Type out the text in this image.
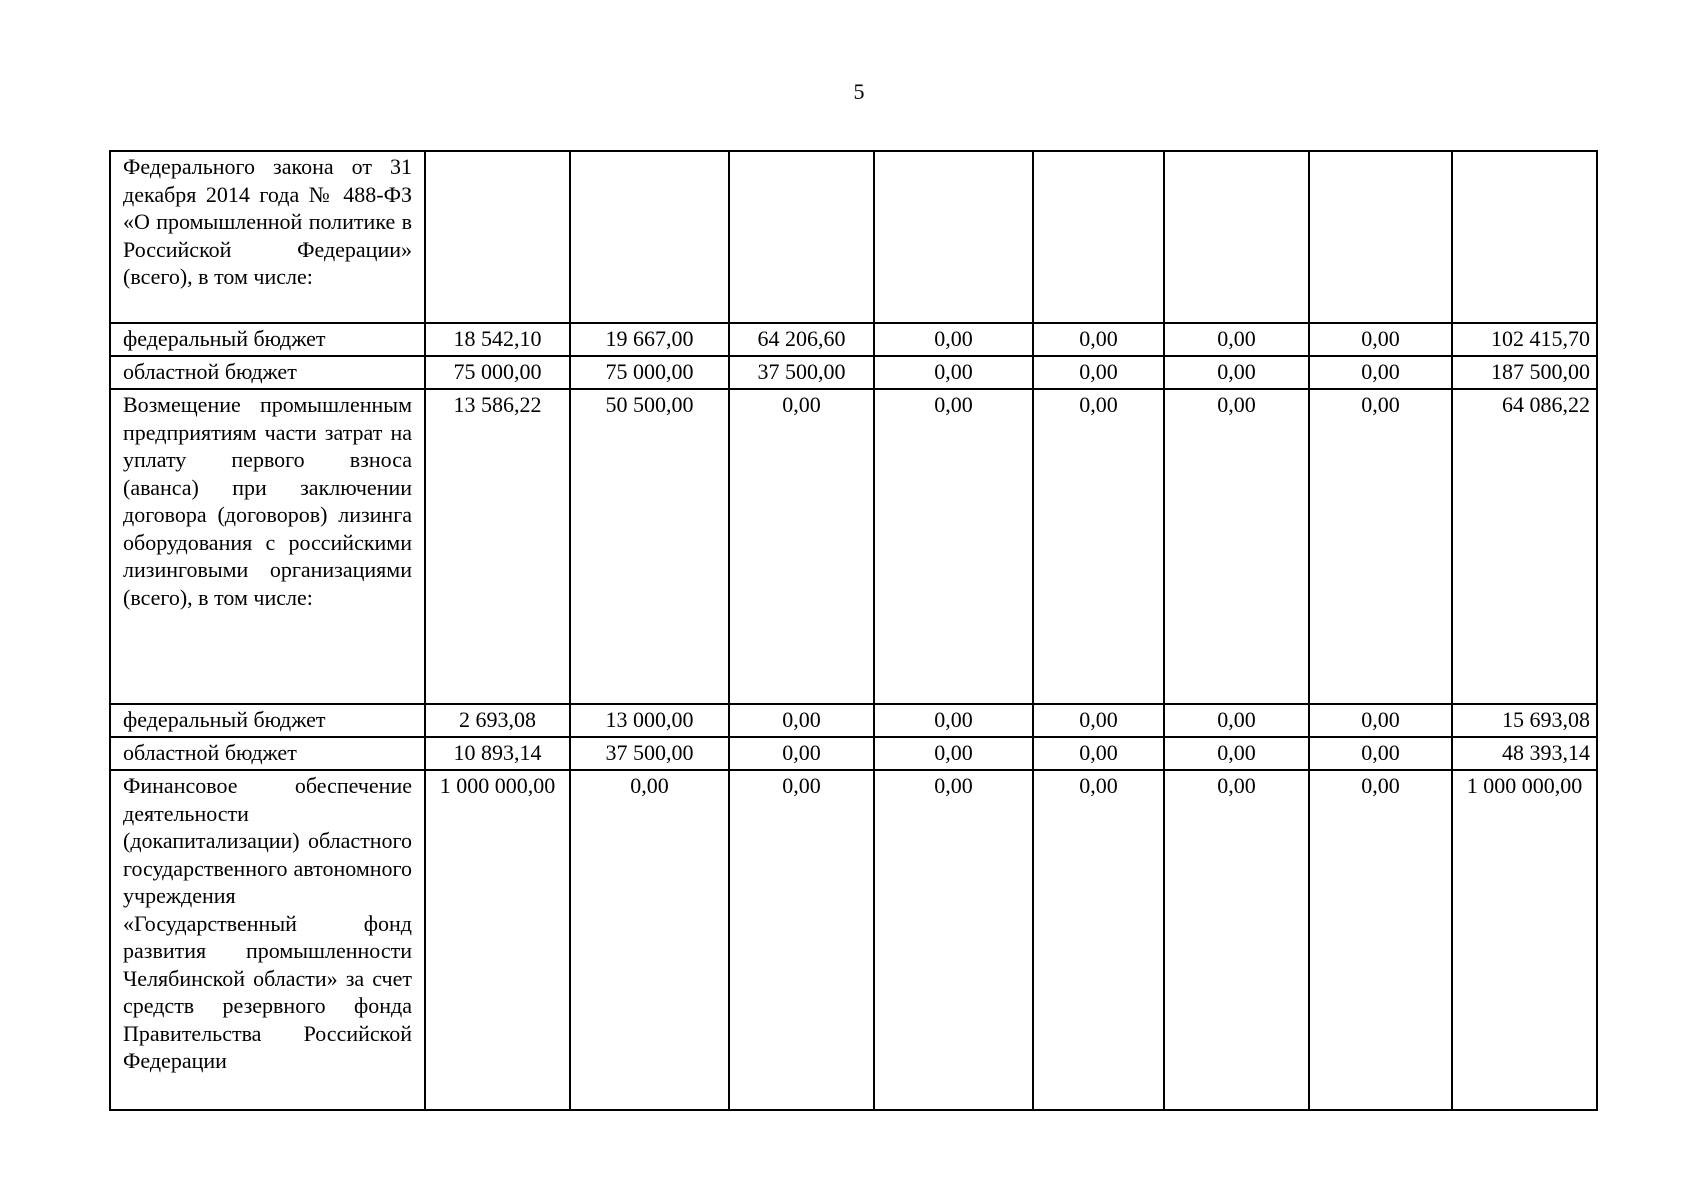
5
Федерального закона от 31 декабря 2014 года № 488-ФЗ «О промышленной политике в Российской Федерации» (всего), в том числе:								
федеральный бюджет	18 542,10	19 667,00	64 206,60	0,00	0,00	0,00	0,00	102 415,70
областной бюджет	75 000,00	75 000,00	37 500,00	0,00	0,00	0,00	0,00	187 500,00
Возмещение промышленным предприятиям части затрат на уплату первого взноса (аванса) при заключении договора (договоров) лизинга оборудования с российскими лизинговыми организациями (всего), в том числе:	13 586,22	50 500,00	0,00	0,00	0,00	0,00	0,00	64 086,22
федеральный бюджет	2 693,08	13 000,00	0,00	0,00	0,00	0,00	0,00	15 693,08
областной бюджет	10 893,14	37 500,00	0,00	0,00	0,00	0,00	0,00	48 393,14
Финансовое обеспечение деятельности (докапитализации) областного государственного автономного учреждения «Государственный фонд развития промышленности Челябинской области» за счет средств резервного фонда Правительства Российской Федерации	1 000 000,00	0,00	0,00	0,00	0,00	0,00	0,00	1 000 000,00
